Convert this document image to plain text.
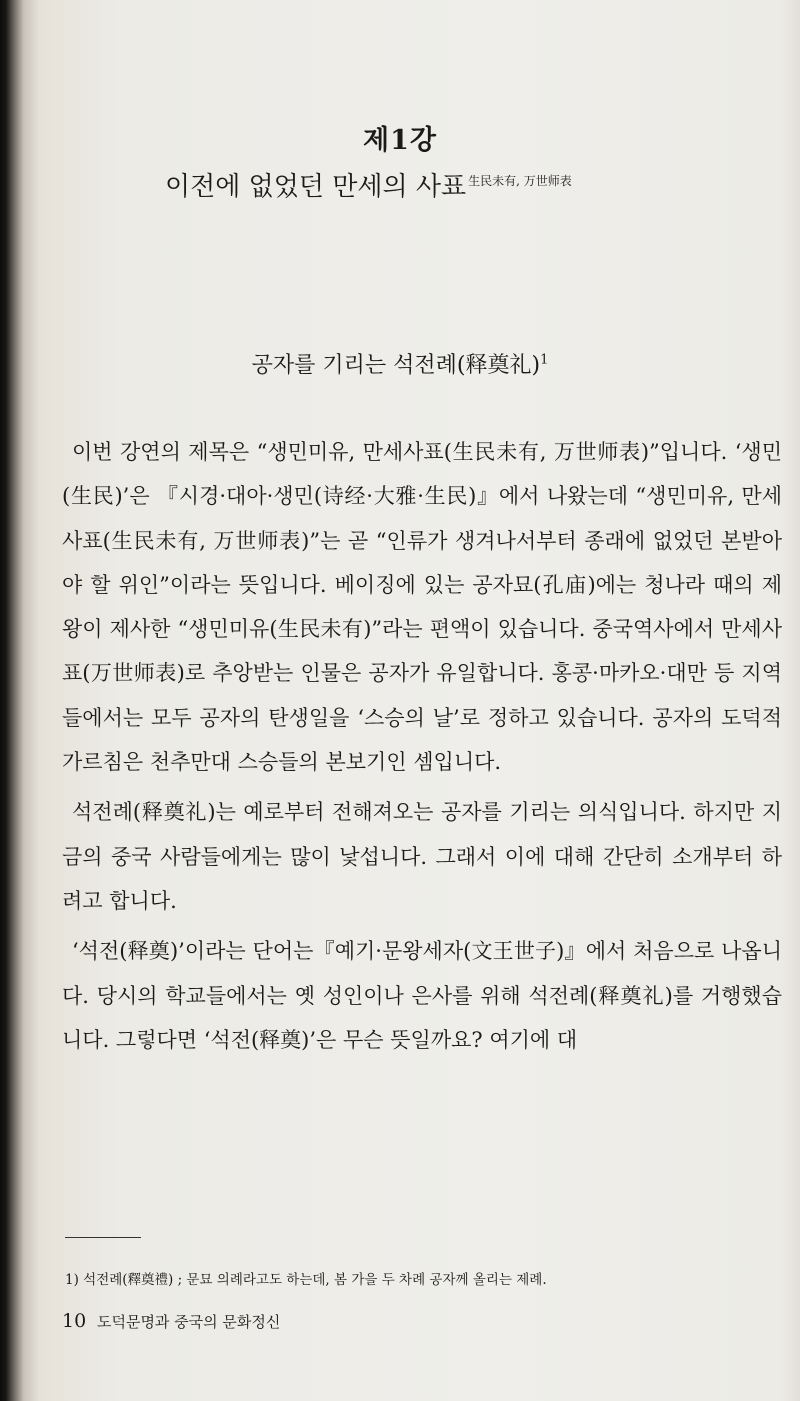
제1강
이전에 없었던 만세의 사표 $^{生民未有, 万世师表}$
공자를 기리는 석전례(释奠礼)$^1$

이번 강연의 제목은 “생민미유, 만세사표(生民未有, 万世师表)”입니다. ‘생민(生民)’은 『시경·대아·생민(诗经·大雅·生民)』에서 나왔는데 “생민미유, 만세사표(生民未有, 万世师表)”는 곧 “인류가 생겨나서부터 종래에 없었던 본받아야 할 위인”이라는 뜻입니다. 베이징에 있는 공자묘(孔庙)에는 청나라 때의 제왕이 제사한 “생민미유(生民未有)”라는 편액이 있습니다. 중국역사에서 만세사표(万世师表)로 추앙받는 인물은 공자가 유일합니다. 홍콩·마카오·대만 등 지역들에서는 모두 공자의 탄생일을 ‘스승의 날’로 정하고 있습니다. 공자의 도덕적 가르침은 천추만대 스승들의 본보기인 셈입니다.

석전례(释奠礼)는 예로부터 전해져오는 공자를 기리는 의식입니다. 하지만 지금의 중국 사람들에게는 많이 낯섭니다. 그래서 이에 대해 간단히 소개부터 하려고 합니다.

‘석전(释奠)’이라는 단어는『예기·문왕세자(文王世子)』에서 처음으로 나옵니다. 당시의 학교들에서는 옛 성인이나 은사를 위해 석전례(释奠礼)를 거행했습니다. 그렇다면 ‘석전(释奠)’은 무슨 뜻일까요? 여기에 대

1) 석전례(釋奠禮) ; 문묘 의례라고도 하는데, 봄 가을 두 차례 공자께 올리는 제례.
10 도덕문명과 중국의 문화정신
